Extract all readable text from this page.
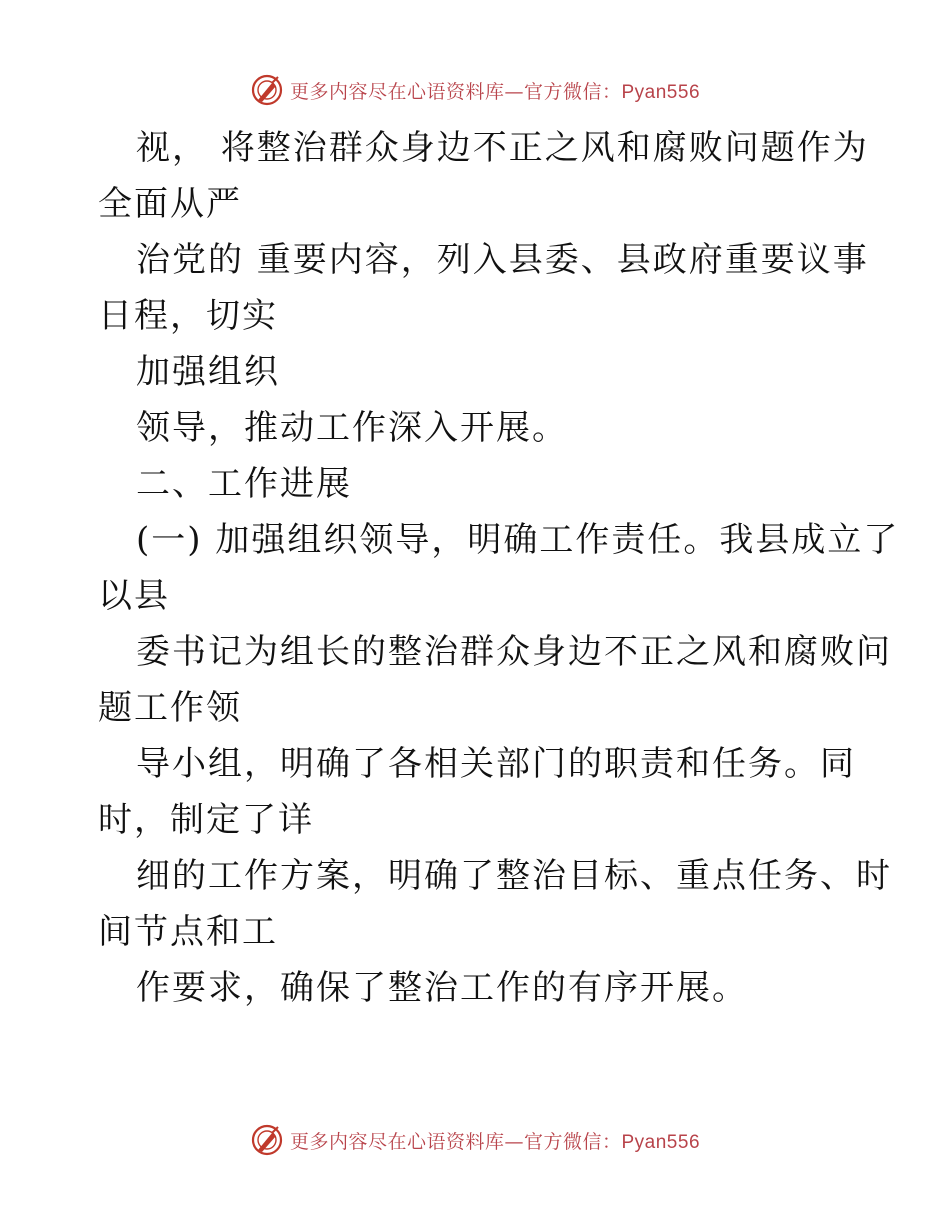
更多内容尽在心语资料库—官方微信：Pyan556
视， 将整治群众身边不正之风和腐败问题作为
全面从严
治党的 重要内容，列入县委、县政府重要议事
日程，切实
加强组织
领导，推动工作深入开展。
二、工作进展
(一) 加强组织领导，明确工作责任。我县成立了
以县
委书记为组长的整治群众身边不正之风和腐败问
题工作领
导小组，明确了各相关部门的职责和任务。同
时，制定了详
细的工作方案，明确了整治目标、重点任务、时
间节点和工
作要求，确保了整治工作的有序开展。
更多内容尽在心语资料库—官方微信：Pyan556
